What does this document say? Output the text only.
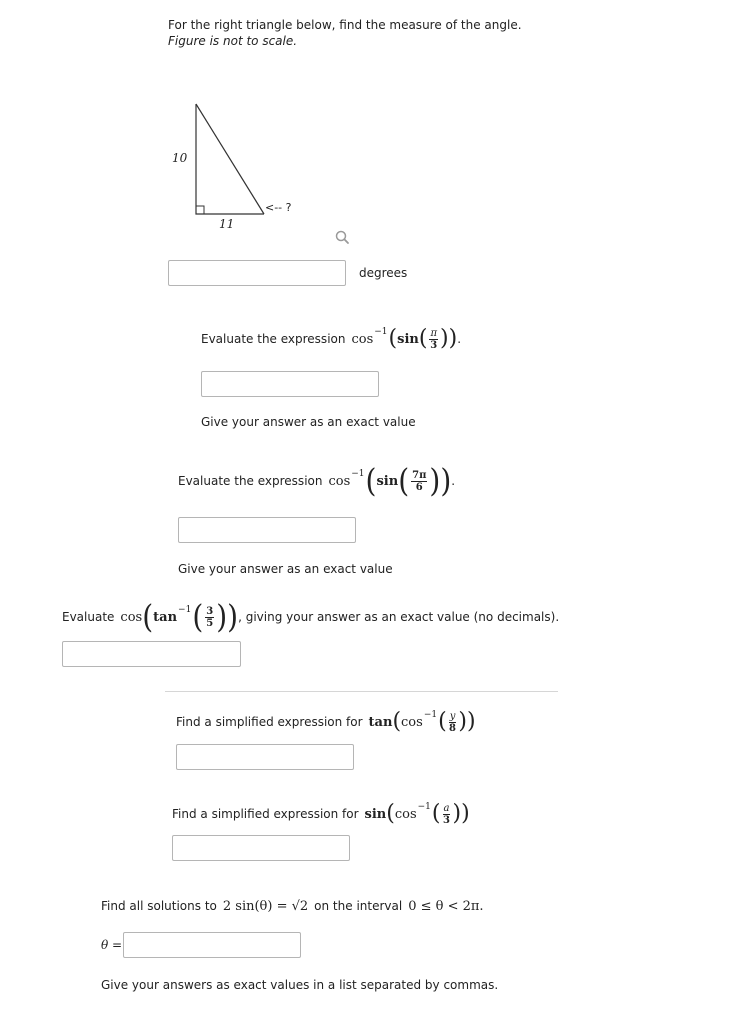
For the right triangle below, find the measure of the angle.
Figure is not to scale.
10
11
<-- ?
degrees
Evaluate the expression cos −1 ( sin ( $\frac{\pi}{3}$ ) ) .
Give your answer as an exact value
Evaluate the expression cos −1 ( sin ( $\frac{7\pi}{6}$ ) ) .
Give your answer as an exact value
Evaluate cos ( tan −1 ( $\frac{3}{5}$ ) ) , giving your answer as an exact value (no decimals).
Find a simplified expression for tan ( cos −1 ( $\frac{y}{8}$ ) )
Find a simplified expression for sin ( cos −1 ( $\frac{a}{3}$ ) )
Find all solutions to 2 sin(θ) = √2 on the interval 0 ≤ θ < 2π.
θ =
Give your answers as exact values in a list separated by commas.
